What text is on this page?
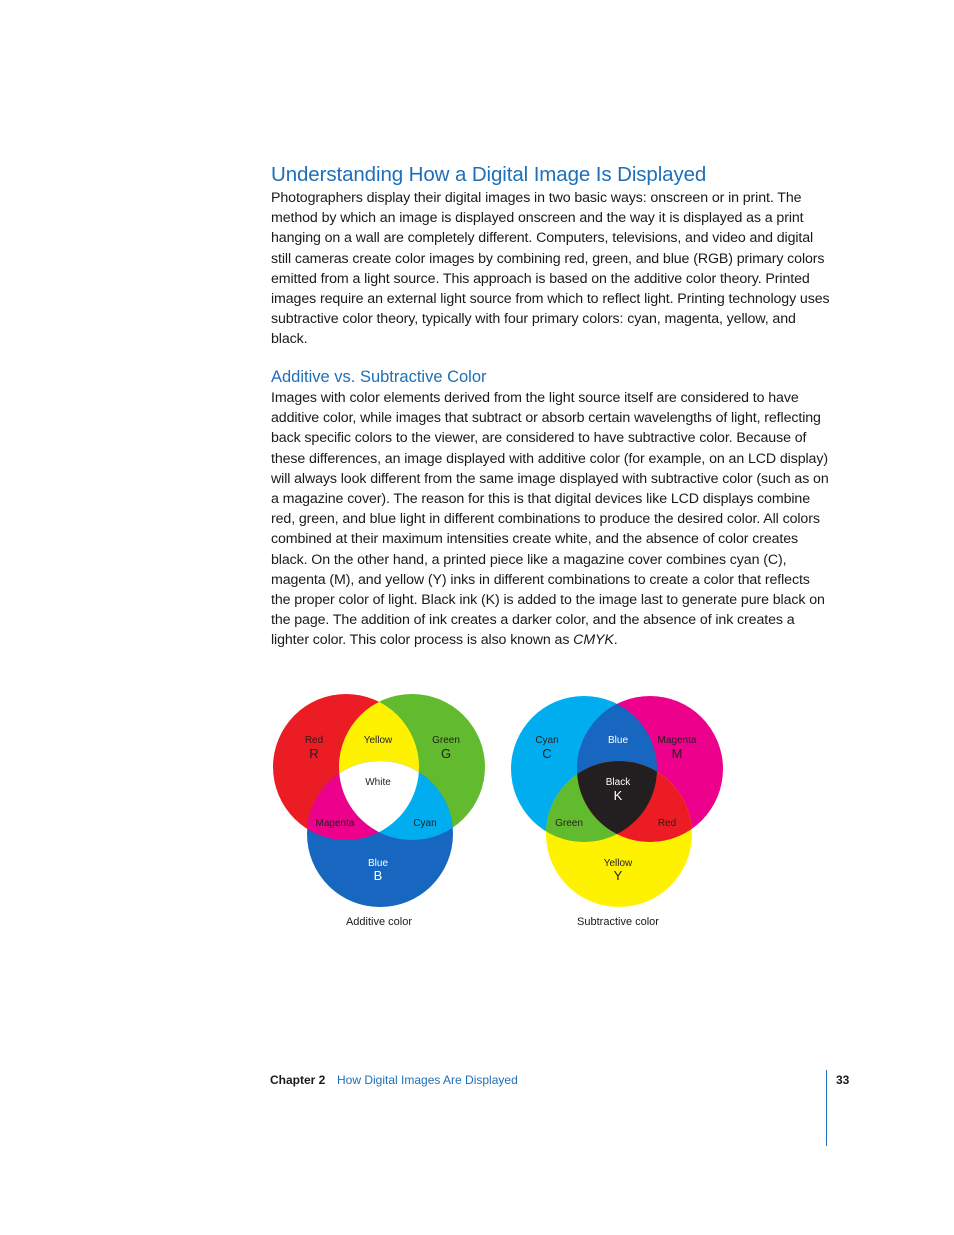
Understanding How a Digital Image Is Displayed

Photographers display their digital images in two basic ways: onscreen or in print. The method by which an image is displayed onscreen and the way it is displayed as a print hanging on a wall are completely different. Computers, televisions, and video and digital still cameras create color images by combining red, green, and blue (RGB) primary colors emitted from a light source. This approach is based on the additive color theory. Printed images require an external light source from which to reflect light. Printing technology uses subtractive color theory, typically with four primary colors: cyan, magenta, yellow, and black.

Additive vs. Subtractive Color

Images with color elements derived from the light source itself are considered to have additive color, while images that subtract or absorb certain wavelengths of light, reflecting back specific colors to the viewer, are considered to have subtractive color. Because of these differences, an image displayed with additive color (for example, on an LCD display) will always look different from the same image displayed with subtractive color (such as on a magazine cover). The reason for this is that digital devices like LCD displays combine red, green, and blue light in different combinations to produce the desired color. All colors combined at their maximum intensities create white, and the absence of color creates black. On the other hand, a printed piece like a magazine cover combines cyan (C), magenta (M), and yellow (Y) inks in different combinations to create a color that reflects the proper color of light. Black ink (K) is added to the image last to generate pure black on the page. The addition of ink creates a darker color, and the absence of ink creates a lighter color. This color process is also known as CMYK.

Red
R
Yellow	Green
G
White
Magenta	Cyan
Blue
B
Cyan
C
Blue	Magenta
M
Black
K
Green	Red
Yellow
Y
Additive color	Subtractive color
Chapter 2 How Digital Images Are Displayed	33
